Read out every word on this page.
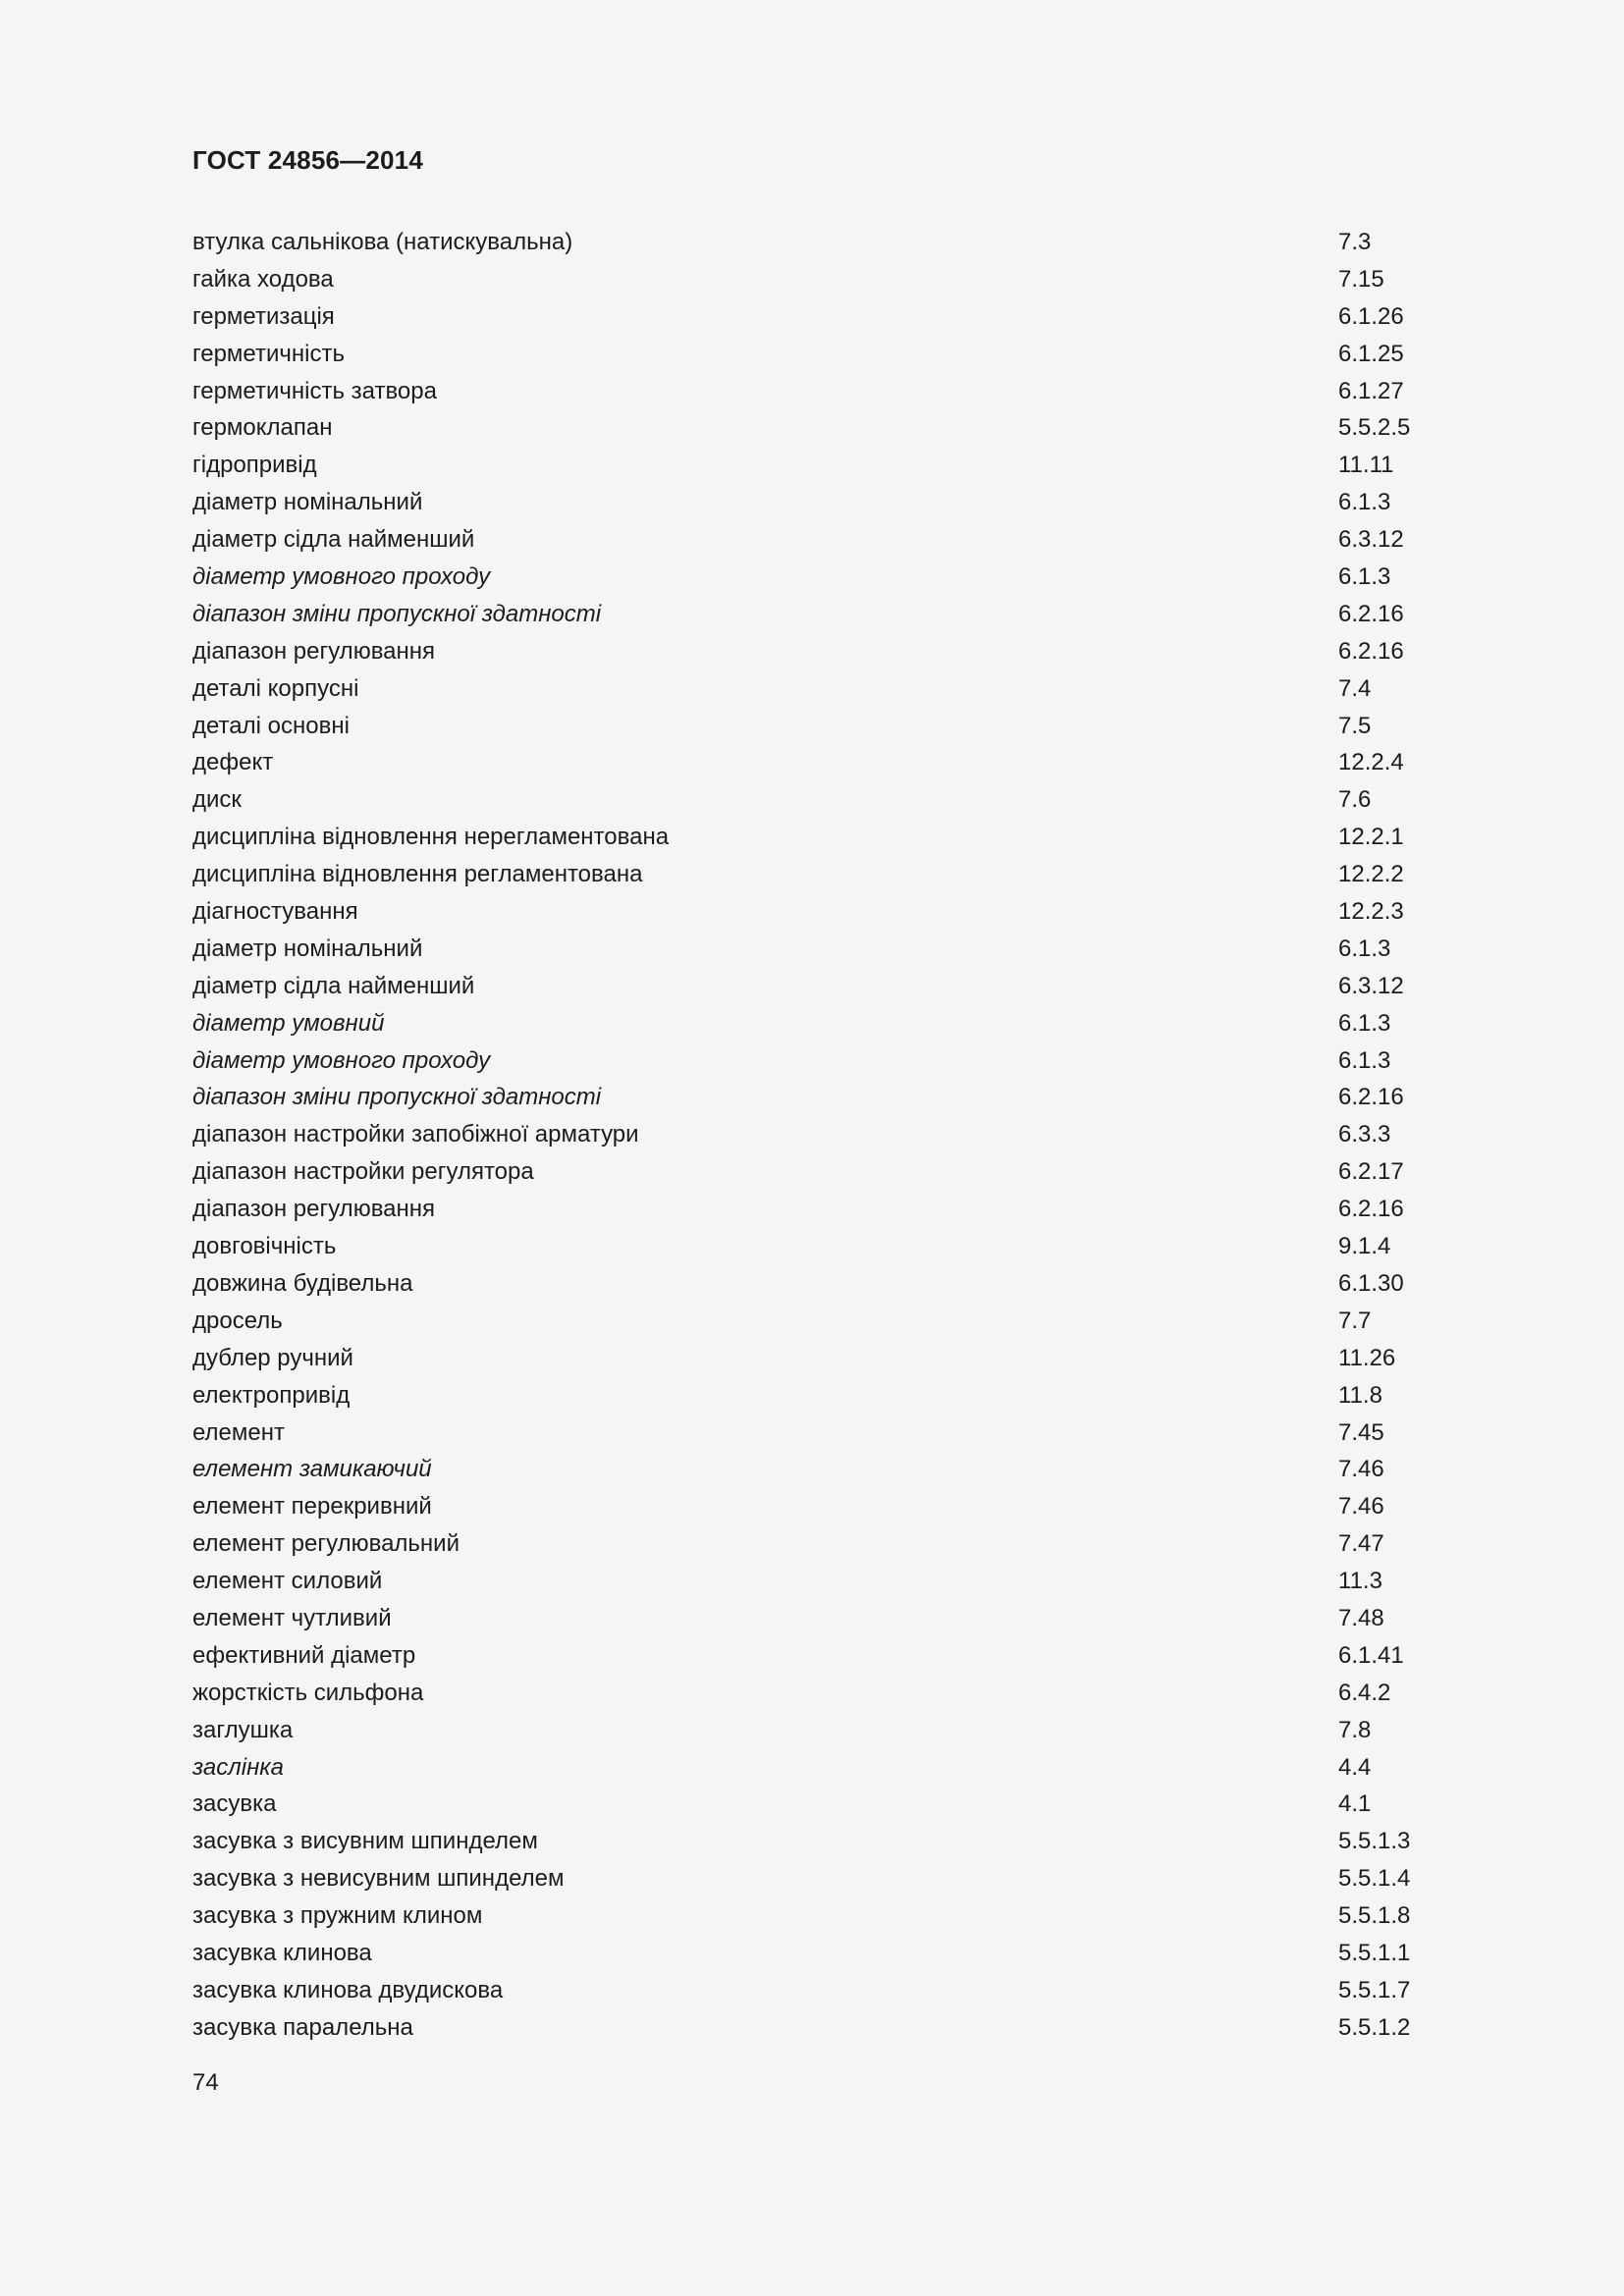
ГОСТ 24856—2014
втулка сальнікова (натискувальна)	7.3
гайка ходова	7.15
герметизація	6.1.26
герметичність	6.1.25
герметичність затвора	6.1.27
гермоклапан	5.5.2.5
гідропривід	11.11
діаметр номінальний	6.1.3
діаметр сідла найменший	6.3.12
діаметр умовного проходу	6.1.3
діапазон зміни пропускної здатності	6.2.16
діапазон регулювання	6.2.16
деталі корпусні	7.4
деталі основні	7.5
дефект	12.2.4
диск	7.6
дисципліна відновлення нерегламентована	12.2.1
дисципліна відновлення регламентована	12.2.2
діагностування	12.2.3
діаметр номінальний	6.1.3
діаметр сідла найменший	6.3.12
діаметр умовний	6.1.3
діаметр умовного проходу	6.1.3
діапазон зміни пропускної здатності	6.2.16
діапазон настройки запобіжної арматури	6.3.3
діапазон настройки регулятора	6.2.17
діапазон регулювання	6.2.16
довговічність	9.1.4
довжина будівельна	6.1.30
дросель	7.7
дублер ручний	11.26
електропривід	11.8
елемент	7.45
елемент замикаючий	7.46
елемент перекривний	7.46
елемент регулювальний	7.47
елемент силовий	11.3
елемент чутливий	7.48
ефективний діаметр	6.1.41
жорсткість сильфона	6.4.2
заглушка	7.8
заслінка	4.4
засувка	4.1
засувка з висувним шпинделем	5.5.1.3
засувка з невисувним шпинделем	5.5.1.4
засувка з пружним клином	5.5.1.8
засувка клинова	5.5.1.1
засувка клинова двудискова	5.5.1.7
засувка паралельна	5.5.1.2
74
